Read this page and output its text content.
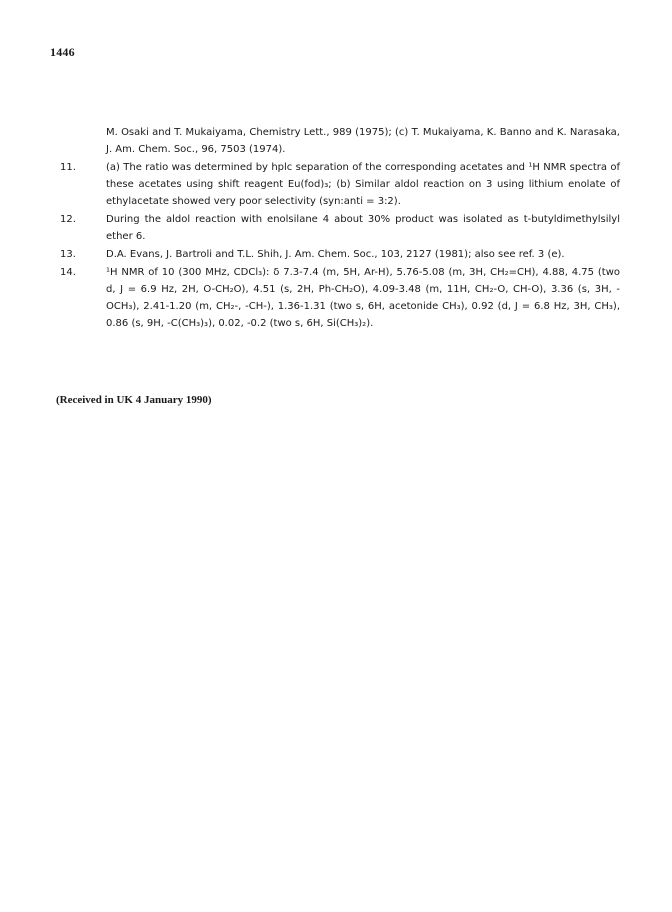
1446

M. Osaki and T. Mukaiyama, Chemistry Lett., 989 (1975); (c) T. Mukaiyama, K. Banno and K. Narasaka, J. Am. Chem. Soc., 96, 7503 (1974).

11.	(a) The ratio was determined by hplc separation of the corresponding acetates and ¹H NMR spectra of these acetates using shift reagent Eu(fod)₃; (b) Similar aldol reaction on 3 using lithium enolate of ethylacetate showed very poor selectivity (syn:anti = 3:2).

12.	During the aldol reaction with enolsilane 4 about 30% product was isolated as t-butyldimethylsilyl ether 6.

13.	D.A. Evans, J. Bartroli and T.L. Shih, J. Am. Chem. Soc., 103, 2127 (1981); also see ref. 3 (e).

14.	¹H NMR of 10 (300 MHz, CDCl₃): δ 7.3-7.4 (m, 5H, Ar-H), 5.76-5.08 (m, 3H, CH₂=CH), 4.88, 4.75 (two d, J = 6.9 Hz, 2H, O-CH₂O), 4.51 (s, 2H, Ph-CH₂O), 4.09-3.48 (m, 11H, CH₂-O, CH-O), 3.36 (s, 3H, -OCH₃), 2.41-1.20 (m, CH₂-, -CH-), 1.36-1.31 (two s, 6H, acetonide CH₃), 0.92 (d, J = 6.8 Hz, 3H, CH₃), 0.86 (s, 9H, -C(CH₃)₃), 0.02, -0.2 (two s, 6H, Si(CH₃)₂).

(Received in UK 4 January 1990)
